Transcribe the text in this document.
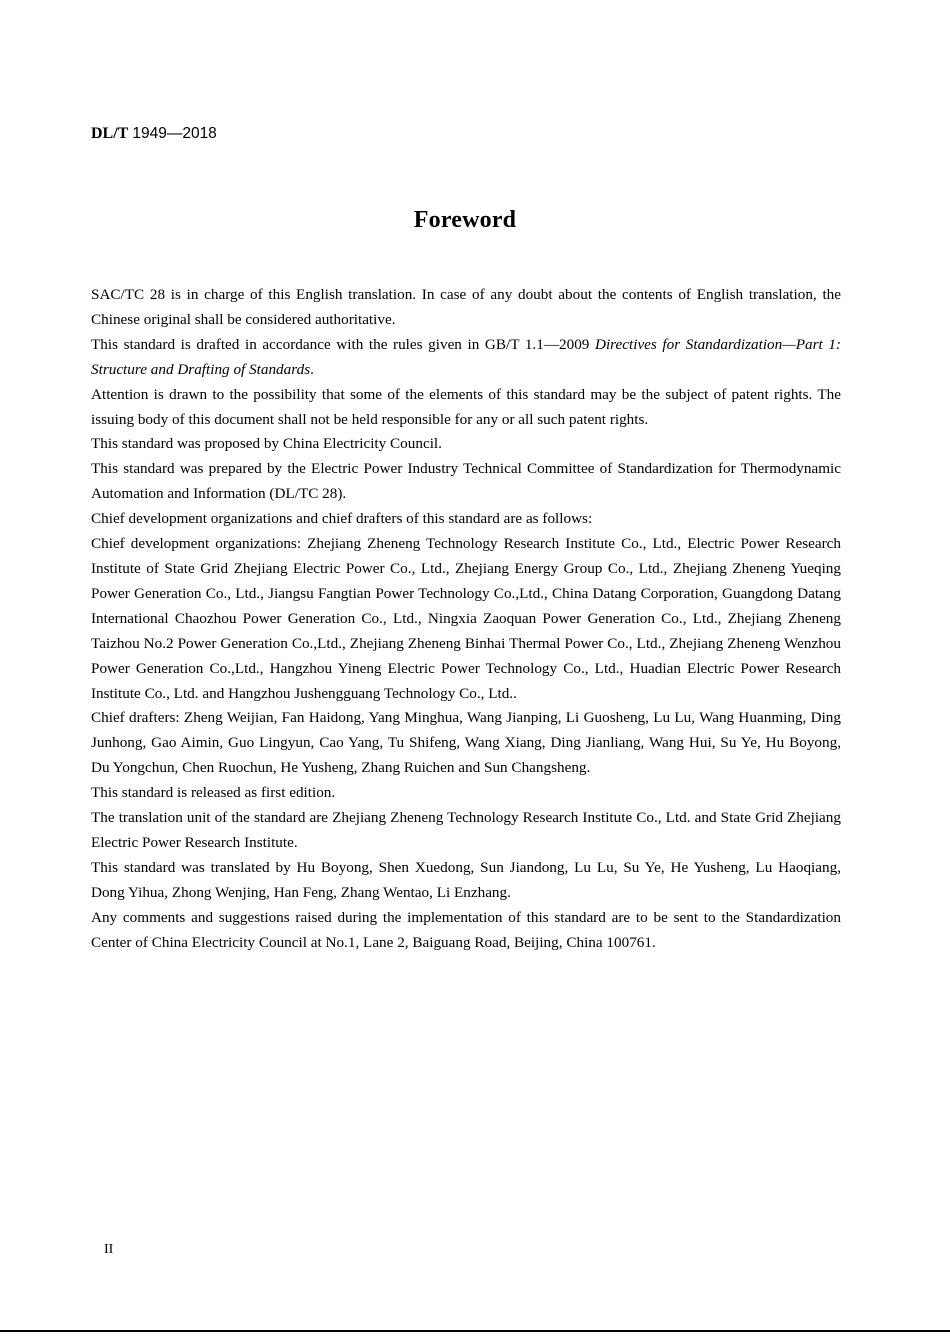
DL/T 1949—2018
Foreword

SAC/TC 28 is in charge of this English translation. In case of any doubt about the contents of English translation, the Chinese original shall be considered authoritative.

This standard is drafted in accordance with the rules given in GB/T 1.1—2009 Directives for Standardization—Part 1: Structure and Drafting of Standards.

Attention is drawn to the possibility that some of the elements of this standard may be the subject of patent rights. The issuing body of this document shall not be held responsible for any or all such patent rights.

This standard was proposed by China Electricity Council.

This standard was prepared by the Electric Power Industry Technical Committee of Standardization for Thermodynamic Automation and Information (DL/TC 28).

Chief development organizations and chief drafters of this standard are as follows:

Chief development organizations: Zhejiang Zheneng Technology Research Institute Co., Ltd., Electric Power Research Institute of State Grid Zhejiang Electric Power Co., Ltd., Zhejiang Energy Group Co., Ltd., Zhejiang Zheneng Yueqing Power Generation Co., Ltd., Jiangsu Fangtian Power Technology Co.,Ltd., China Datang Corporation, Guangdong Datang International Chaozhou Power Generation Co., Ltd., Ningxia Zaoquan Power Generation Co., Ltd., Zhejiang Zheneng Taizhou No.2 Power Generation Co.,Ltd., Zhejiang Zheneng Binhai Thermal Power Co., Ltd., Zhejiang Zheneng Wenzhou Power Generation Co.,Ltd., Hangzhou Yineng Electric Power Technology Co., Ltd., Huadian Electric Power Research Institute Co., Ltd. and Hangzhou Jushengguang Technology Co., Ltd..

Chief drafters: Zheng Weijian, Fan Haidong, Yang Minghua, Wang Jianping, Li Guosheng, Lu Lu, Wang Huanming, Ding Junhong, Gao Aimin, Guo Lingyun, Cao Yang, Tu Shifeng, Wang Xiang, Ding Jianliang, Wang Hui, Su Ye, Hu Boyong, Du Yongchun, Chen Ruochun, He Yusheng, Zhang Ruichen and Sun Changsheng.

This standard is released as first edition.

The translation unit of the standard are Zhejiang Zheneng Technology Research Institute Co., Ltd. and State Grid Zhejiang Electric Power Research Institute.

This standard was translated by Hu Boyong, Shen Xuedong, Sun Jiandong, Lu Lu, Su Ye, He Yusheng, Lu Haoqiang, Dong Yihua, Zhong Wenjing, Han Feng, Zhang Wentao, Li Enzhang.

Any comments and suggestions raised during the implementation of this standard are to be sent to the Standardization Center of China Electricity Council at No.1, Lane 2, Baiguang Road, Beijing, China 100761.

II
